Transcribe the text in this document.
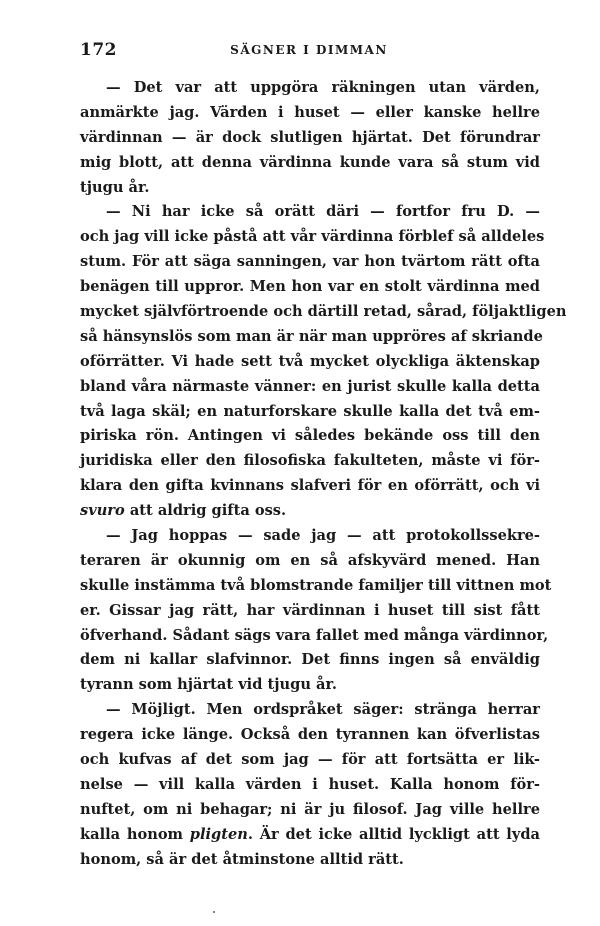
172	SÄGNER I DIMMAN
— Det var att uppgöra räkningen utan värden,
anmärkte jag. Värden i huset — eller kanske hellre
värdinnan — är dock slutligen hjärtat. Det förundrar
mig blott, att denna värdinna kunde vara så stum vid
tjugu år.
— Ni har icke så orätt däri — fortfor fru D. —
och jag vill icke påstå att vår värdinna förblef så alldeles
stum. För att säga sanningen, var hon tvärtom rätt ofta
benägen till uppror. Men hon var en stolt värdinna med
mycket självförtroende och därtill retad, sårad, följaktligen
så hänsynslös som man är när man uppröres af skriande
oförrätter. Vi hade sett två mycket olyckliga äktenskap
bland våra närmaste vänner: en jurist skulle kalla detta
två laga skäl; en naturforskare skulle kalla det två em-
piriska rön. Antingen vi således bekände oss till den
juridiska eller den filosofiska fakulteten, måste vi för-
klara den gifta kvinnans slafveri för en oförrätt, och vi
svuro att aldrig gifta oss.
— Jag hoppas — sade jag — att protokollssekre-
teraren är okunnig om en så afskyvärd mened. Han
skulle instämma två blomstrande familjer till vittnen mot
er. Gissar jag rätt, har värdinnan i huset till sist fått
öfverhand. Sådant sägs vara fallet med många värdinnor,
dem ni kallar slafvinnor. Det finns ingen så enväldig
tyrann som hjärtat vid tjugu år.
— Möjligt. Men ordspråket säger: stränga herrar
regera icke länge. Också den tyrannen kan öfverlistas
och kufvas af det som jag — för att fortsätta er lik-
nelse — vill kalla värden i huset. Kalla honom för-
nuftet, om ni behagar; ni är ju filosof. Jag ville hellre
kalla honom pligten. Är det icke alltid lyckligt att lyda
honom, så är det åtminstone alltid rätt.
